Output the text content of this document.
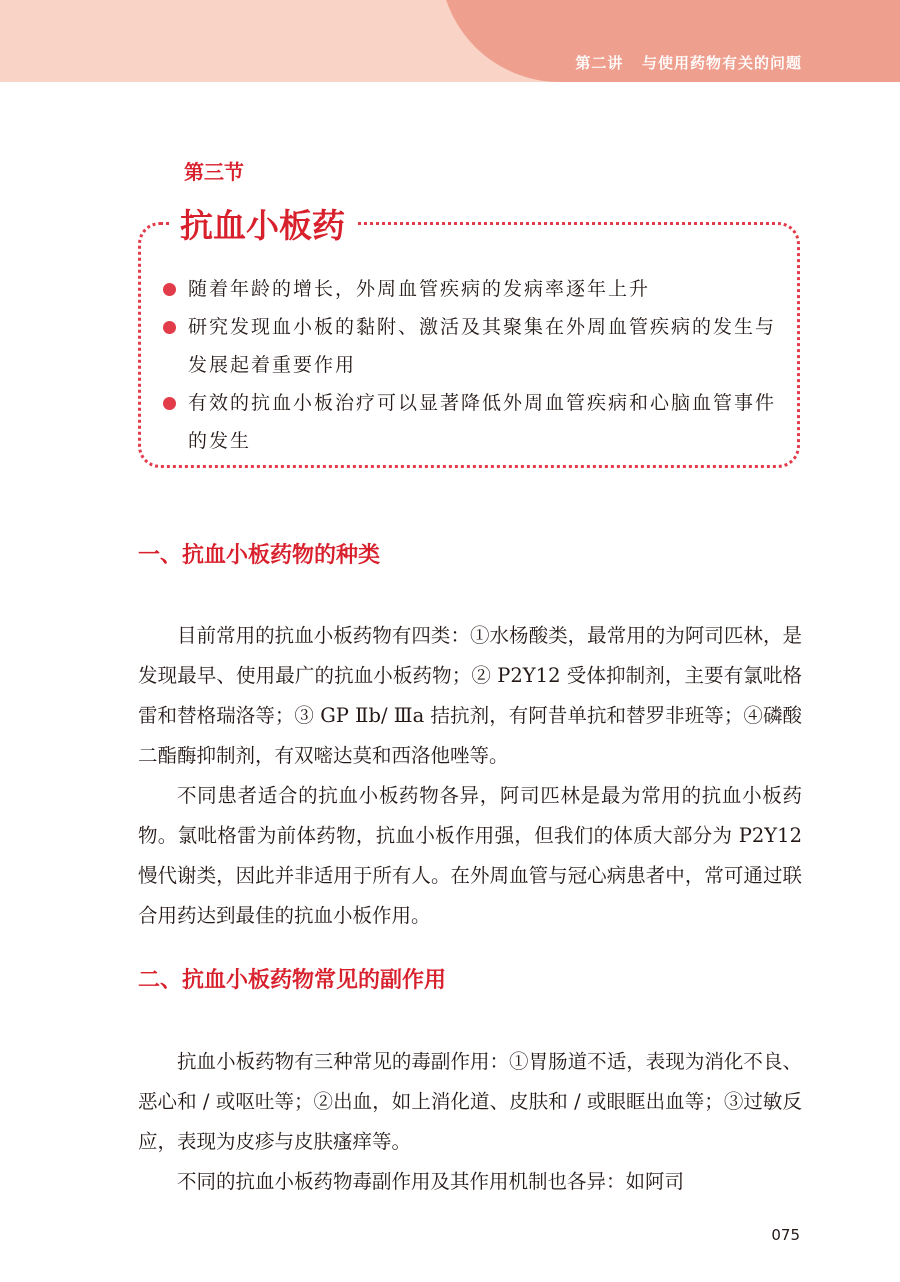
第二讲   与使用药物有关的问题
第三节
抗血小板药
随着年龄的增长，外周血管疾病的发病率逐年上升
研究发现血小板的黏附、激活及其聚集在外周血管疾病的发生与发展起着重要作用
有效的抗血小板治疗可以显著降低外周血管疾病和心脑血管事件的发生
一、抗血小板药物的种类

目前常用的抗血小板药物有四类：①水杨酸类，最常用的为阿司匹林，是发现最早、使用最广的抗血小板药物；② P2Y12 受体抑制剂，主要有氯吡格雷和替格瑞洛等；③ GP Ⅱb/ Ⅲa 拮抗剂，有阿昔单抗和替罗非班等；④磷酸二酯酶抑制剂，有双嘧达莫和西洛他唑等。

不同患者适合的抗血小板药物各异，阿司匹林是最为常用的抗血小板药物。氯吡格雷为前体药物，抗血小板作用强，但我们的体质大部分为 P2Y12 慢代谢类，因此并非适用于所有人。在外周血管与冠心病患者中，常可通过联合用药达到最佳的抗血小板作用。

二、抗血小板药物常见的副作用

抗血小板药物有三种常见的毒副作用：①胃肠道不适，表现为消化不良、恶心和 / 或呕吐等；②出血，如上消化道、皮肤和 / 或眼眶出血等；③过敏反应，表现为皮疹与皮肤瘙痒等。

不同的抗血小板药物毒副作用及其作用机制也各异：如阿司

075
